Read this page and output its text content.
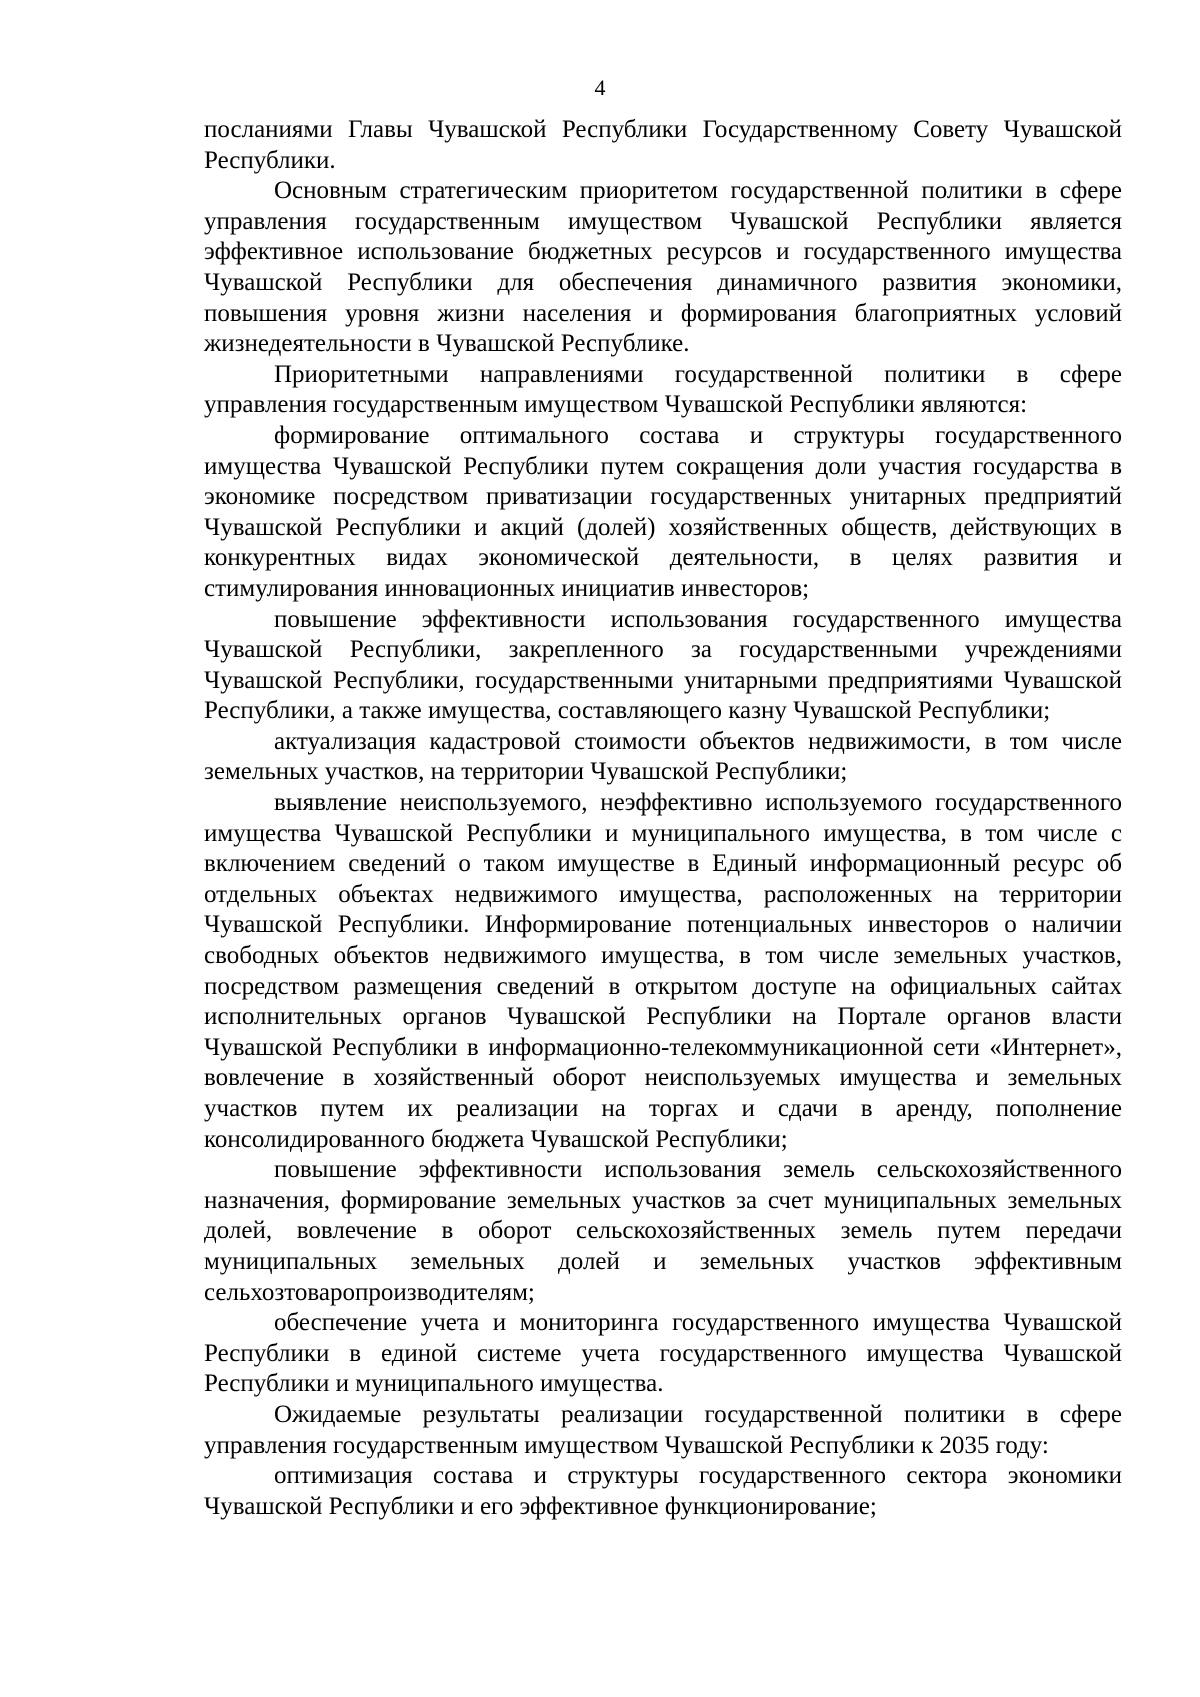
4

посланиями Главы Чувашской Республики Государственному Совету Чувашской Республики.

Основным стратегическим приоритетом государственной политики в сфере управления государственным имуществом Чувашской Республики является эффективное использование бюджетных ресурсов и государственного имущества Чувашской Республики для обеспечения динамичного развития экономики, повышения уровня жизни населения и формирования благоприятных условий жизнедеятельности в Чувашской Республике.

Приоритетными направлениями государственной политики в сфере управления государственным имуществом Чувашской Республики являются:

формирование оптимального состава и структуры государственного имущества Чувашской Республики путем сокращения доли участия государства в экономике посредством приватизации государственных унитарных предприятий Чувашской Республики и акций (долей) хозяйственных обществ, действующих в конкурентных видах экономической деятельности, в целях развития и стимулирования инновационных инициатив инвесторов;

повышение эффективности использования государственного имущества Чувашской Республики, закрепленного за государственными учреждениями Чувашской Республики, государственными унитарными предприятиями Чувашской Республики, а также имущества, составляющего казну Чувашской Республики;

актуализация кадастровой стоимости объектов недвижимости, в том числе земельных участков, на территории Чувашской Республики;

выявление неиспользуемого, неэффективно используемого государственного имущества Чувашской Республики и муниципального имущества, в том числе с включением сведений о таком имуществе в Единый информационный ресурс об отдельных объектах недвижимого имущества, расположенных на территории Чувашской Республики. Информирование потенциальных инвесторов о наличии свободных объектов недвижимого имущества, в том числе земельных участков, посредством размещения сведений в открытом доступе на официальных сайтах исполнительных органов Чувашской Республики на Портале органов власти Чувашской Республики в информационно-телекоммуникационной сети «Интернет», вовлечение в хозяйственный оборот неиспользуемых имущества и земельных участков путем их реализации на торгах и сдачи в аренду, пополнение консолидированного бюджета Чувашской Республики;

повышение эффективности использования земель сельскохозяйственного назначения, формирование земельных участков за счет муниципальных земельных долей, вовлечение в оборот сельскохозяйственных земель путем передачи муниципальных земельных долей и земельных участков эффективным сельхозтоваропроизводителям;

обеспечение учета и мониторинга государственного имущества Чувашской Республики в единой системе учета государственного имущества Чувашской Республики и муниципального имущества.

Ожидаемые результаты реализации государственной политики в сфере управления государственным имуществом Чувашской Республики к 2035 году:

оптимизация состава и структуры государственного сектора экономики Чувашской Республики и его эффективное функционирование;
